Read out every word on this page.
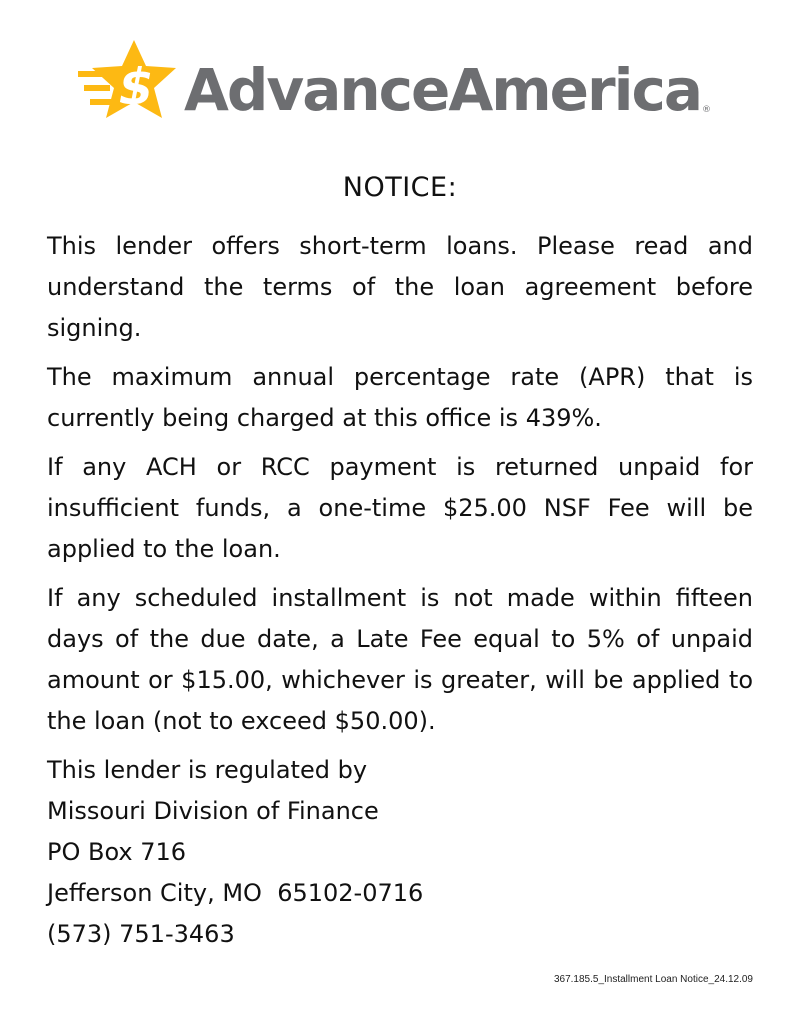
$ AdvanceAmerica ®
NOTICE:

This lender offers short-term loans. Please read and understand the terms of the loan agreement before signing.

The maximum annual percentage rate (APR) that is currently being charged at this office is 439%.

If any ACH or RCC payment is returned unpaid for insufficient funds, a one-time $25.00 NSF Fee will be applied to the loan.

If any scheduled installment is not made within fifteen days of the due date, a Late Fee equal to 5% of unpaid amount or $15.00, whichever is greater, will be applied to the loan (not to exceed $50.00).

This lender is regulated by
Missouri Division of Finance
PO Box 716
Jefferson City, MO  65102-0716
(573) 751-3463
367.185.5_Installment Loan Notice_24.12.09
